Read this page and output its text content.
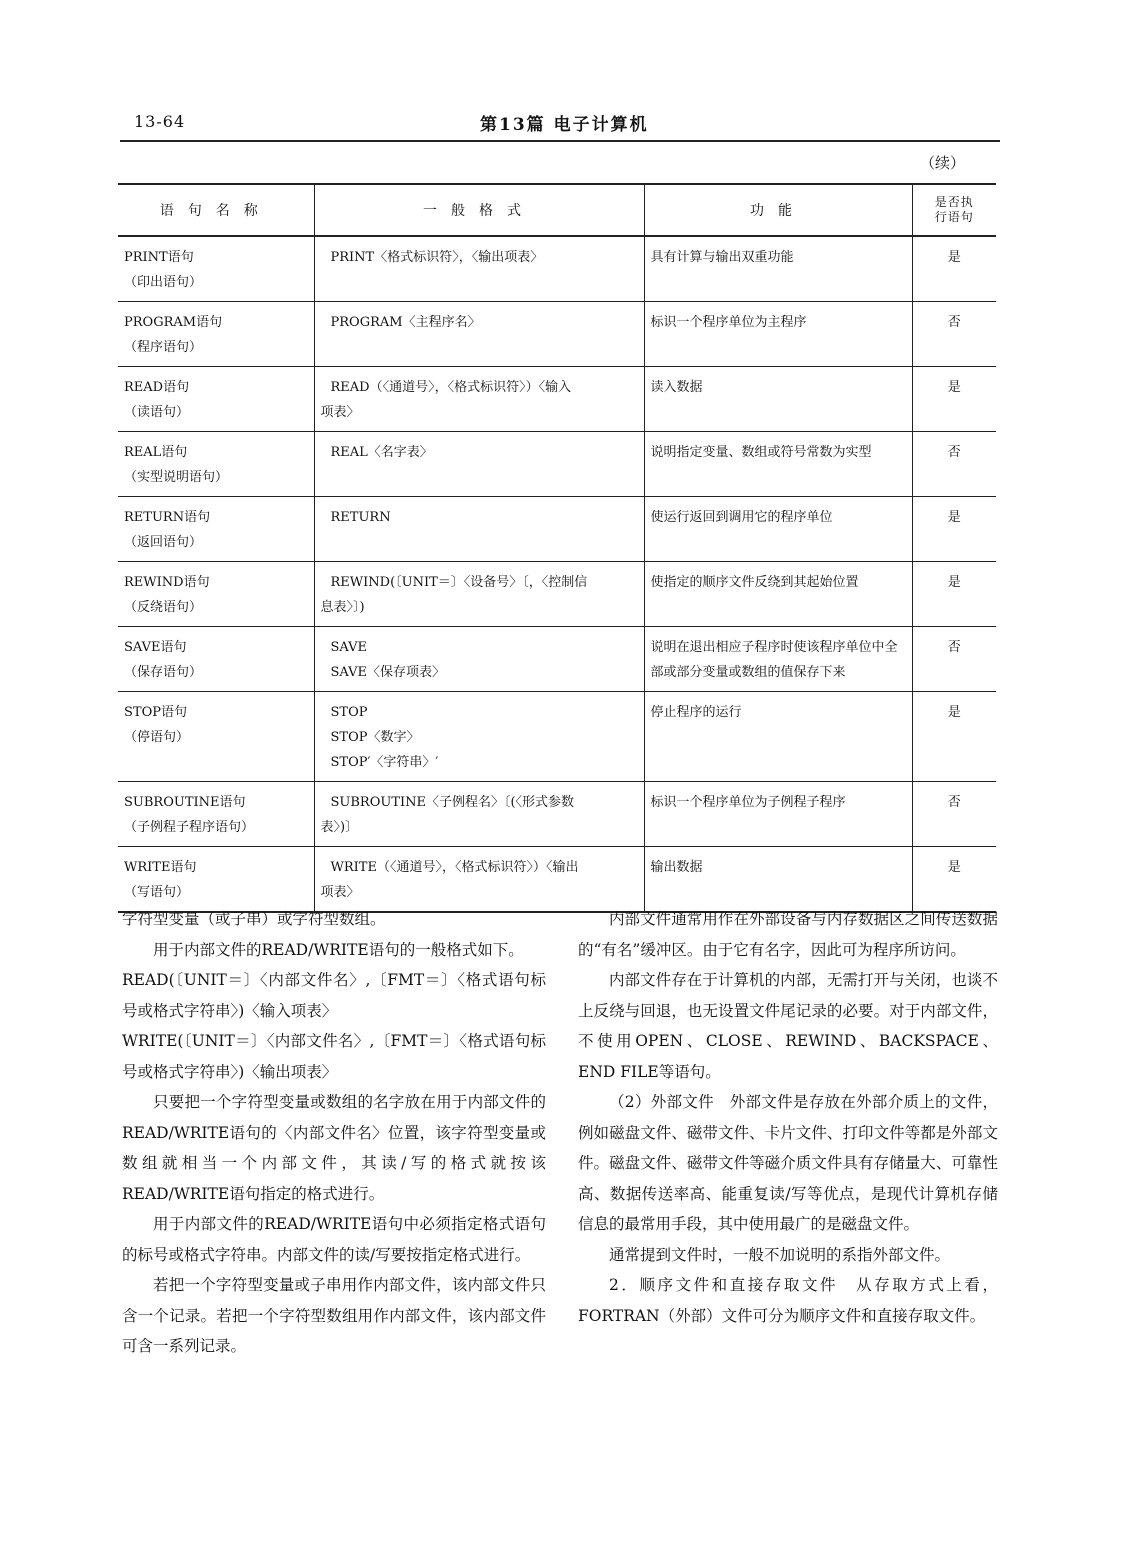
13-64	第13篇 电子计算机
（续）
语句名称	一般格式	功能	是否执
行语句

PRINT语句
（印出语句）	PRINT〈格式标识符〉，〈输出项表〉	具有计算与输出双重功能	是

PROGRAM语句
（程序语句）	PROGRAM〈主程序名〉	标识一个程序单位为主程序	否

READ语句
（读语句）	READ（〈通道号〉，〈格式标识符〉）〈输入
项表〉	读入数据	是

REAL语句
（实型说明语句）	REAL〈名字表〉	说明指定变量、数组或符号常数为实型	否

RETURN语句
（返回语句）	RETURN	使运行返回到调用它的程序单位	是

REWIND语句
（反绕语句）	REWIND(〔UNIT＝〕〈设备号〉〔，〈控制信
息表〉〕)	使指定的顺序文件反绕到其起始位置	是

SAVE语句
（保存语句）	SAVE
SAVE〈保存项表〉	说明在退出相应子程序时使该程序单位中全部或部分变量或数组的值保存下来	否

STOP语句
（停语句）	STOP
STOP〈数字〉
STOP′〈字符串〉′	停止程序的运行	是

SUBROUTINE语句
（子例程子程序语句）	SUBROUTINE〈子例程名〉〔(〈形式参数
表〉)〕	标识一个程序单位为子例程子程序	否

WRITE语句
（写语句）	WRITE（〈通道号〉，〈格式标识符〉）〈输出
项表〉	输出数据	是

字符型变量（或子串）或字符型数组。

用于内部文件的READ/WRITE语句的一般格式如下。

READ(〔UNIT＝〕〈内部文件名〉,〔FMT＝〕〈格式语句标号或格式字符串〉)〈输入项表〉

WRITE(〔UNIT＝〕〈内部文件名〉,〔FMT＝〕〈格式语句标号或格式字符串〉)〈输出项表〉

只要把一个字符型变量或数组的名字放在用于内部文件的READ/WRITE语句的〈内部文件名〉位置，该字符型变量或数组就相当一个内部文件，其读/写的格式就按该READ/WRITE语句指定的格式进行。

用于内部文件的READ/WRITE语句中必须指定格式语句的标号或格式字符串。内部文件的读/写要按指定格式进行。

若把一个字符型变量或子串用作内部文件，该内部文件只含一个记录。若把一个字符型数组用作内部文件，该内部文件可含一系列记录。

内部文件通常用作在外部设备与内存数据区之间传送数据的“有名”缓冲区。由于它有名字，因此可为程序所访问。

内部文件存在于计算机的内部，无需打开与关闭，也谈不上反绕与回退，也无设置文件尾记录的必要。对于内部文件，不使用OPEN、CLOSE、REWIND、BACKSPACE、END FILE等语句。

（2）外部文件　外部文件是存放在外部介质上的文件，例如磁盘文件、磁带文件、卡片文件、打印文件等都是外部文件。磁盘文件、磁带文件等磁介质文件具有存储量大、可靠性高、数据传送率高、能重复读/写等优点，是现代计算机存储信息的最常用手段，其中使用最广的是磁盘文件。

通常提到文件时，一般不加说明的系指外部文件。

2．顺序文件和直接存取文件　从存取方式上看，FORTRAN（外部）文件可分为顺序文件和直接存取文件。
